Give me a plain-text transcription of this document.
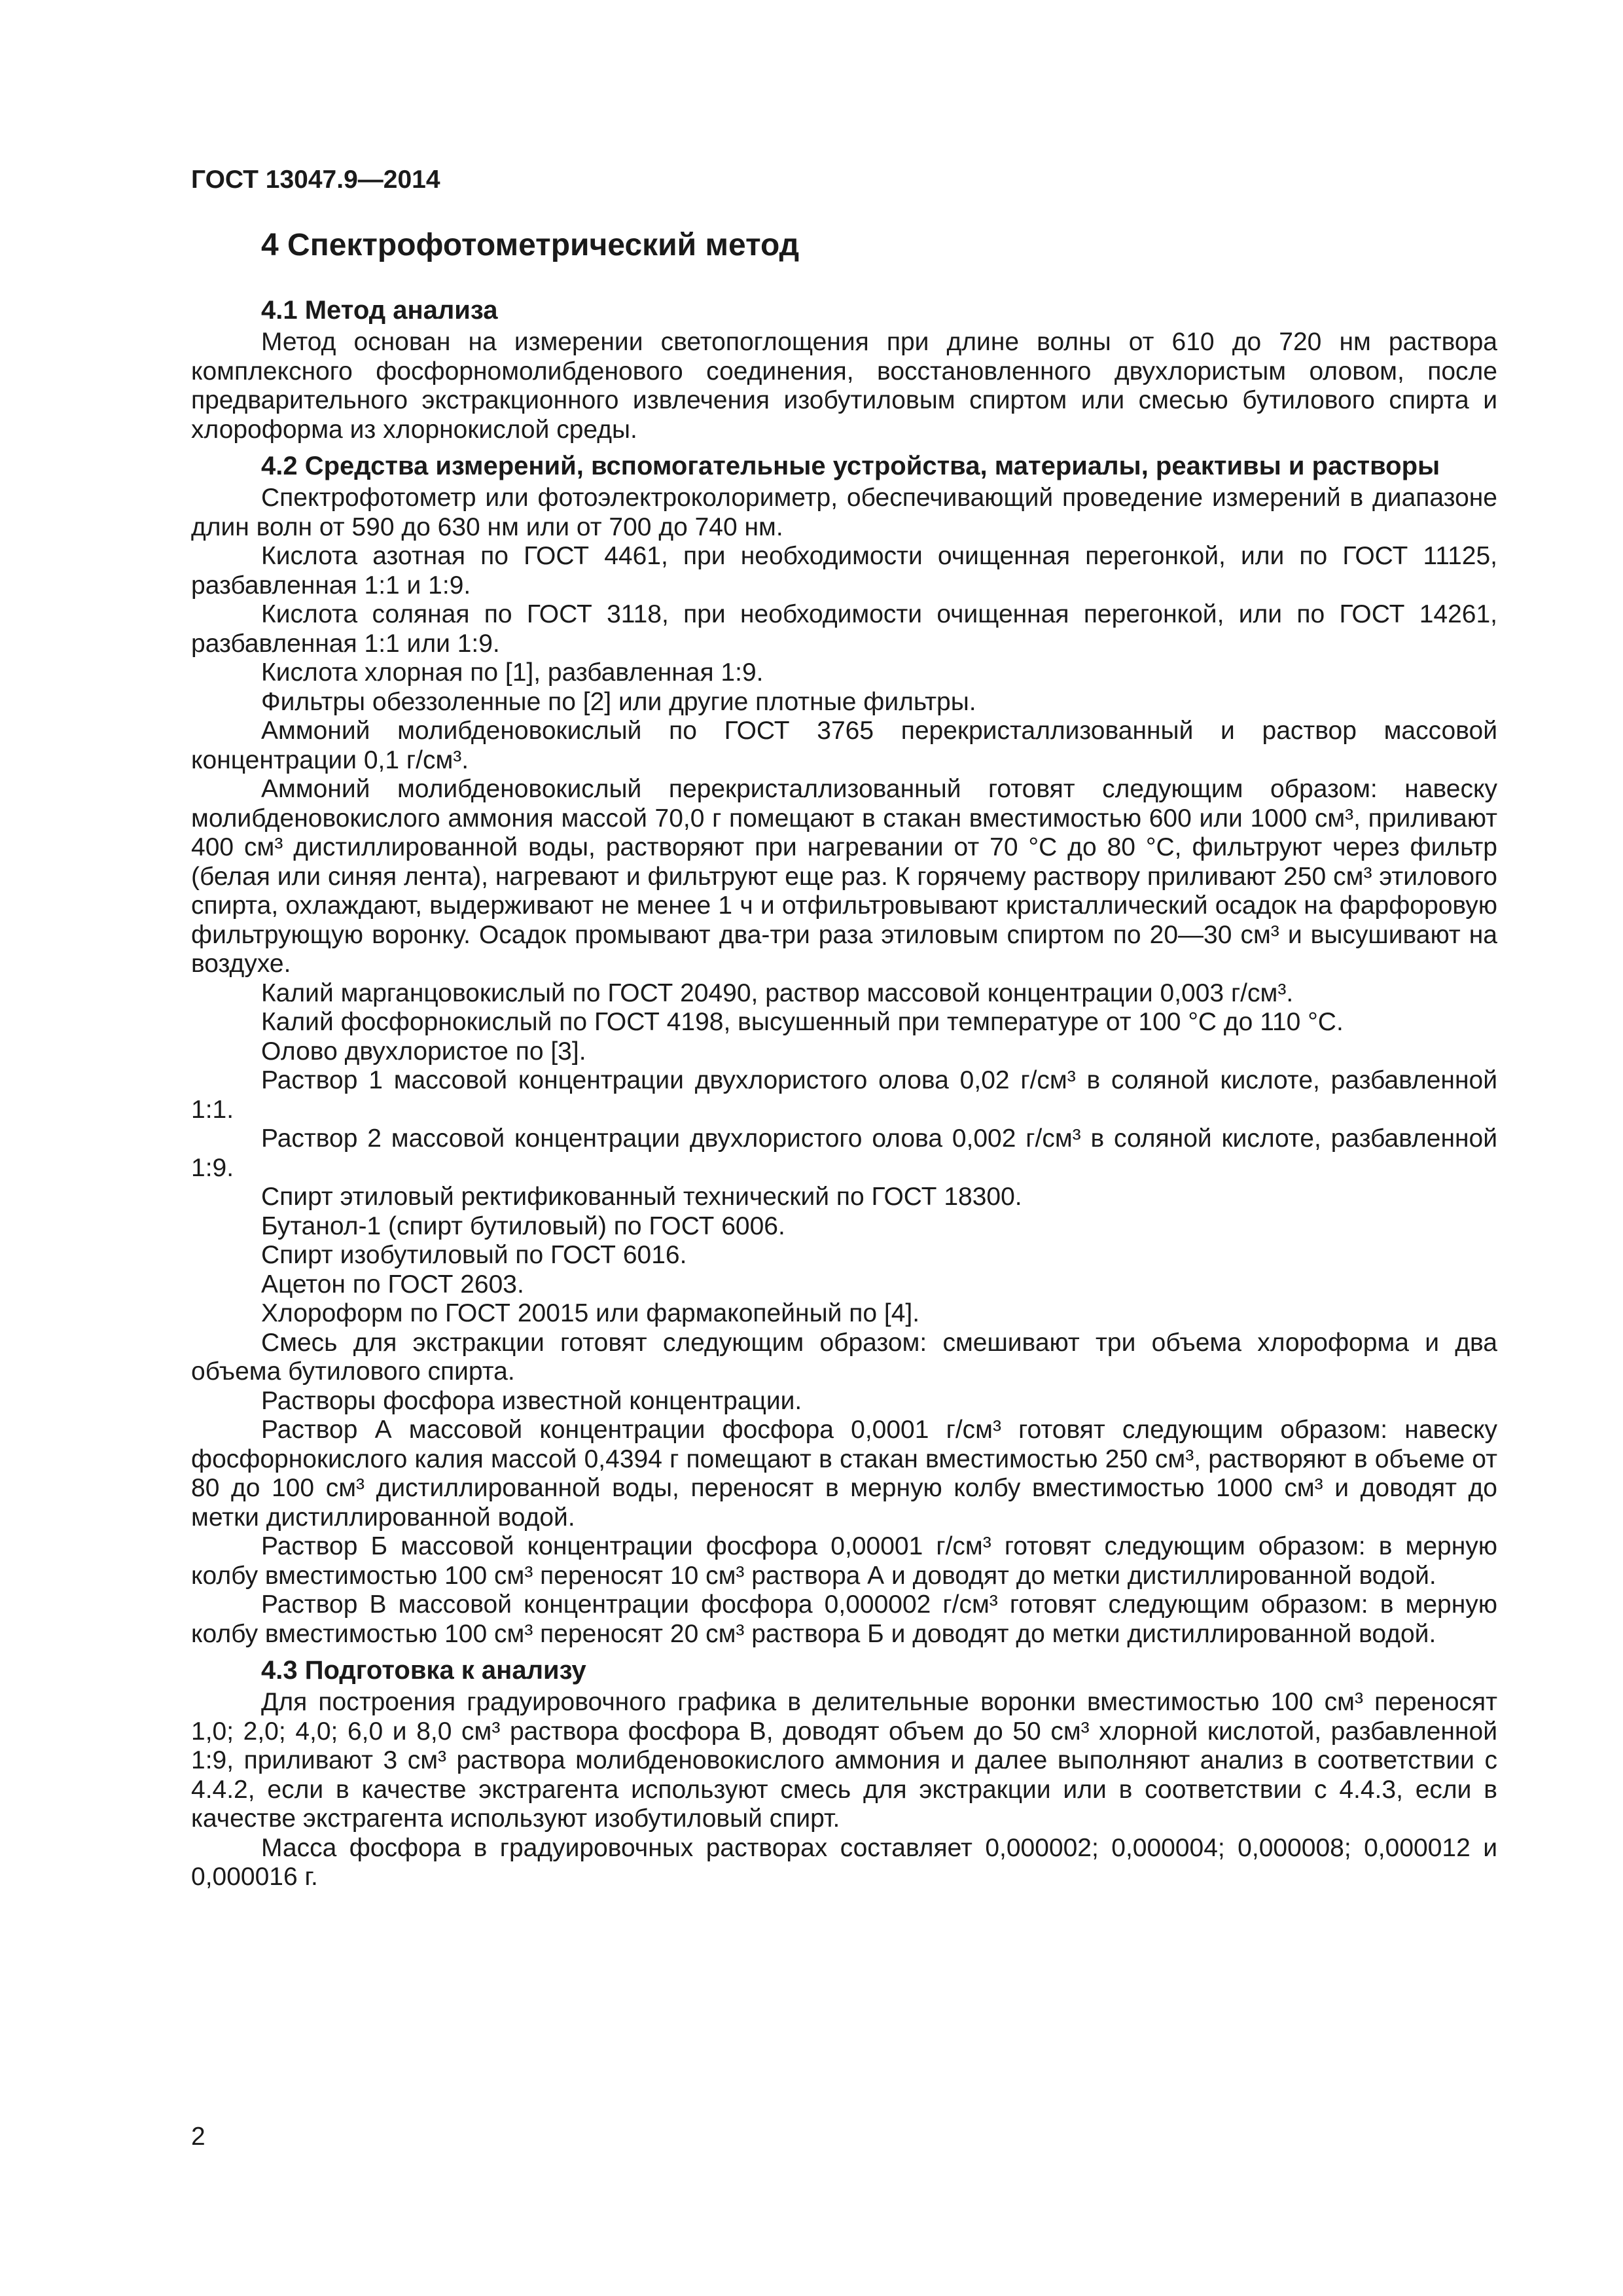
ГОСТ 13047.9—2014
4 Спектрофотометрический метод
4.1 Метод анализа

Метод основан на измерении светопоглощения при длине волны от 610 до 720 нм раствора комплексного фосфорномолибденового соединения, восстановленного двухлористым оловом, после предварительного экстракционного извлечения изобутиловым спиртом или смесью бутилового спирта и хлороформа из хлорнокислой среды.

4.2 Средства измерений, вспомогательные устройства, материалы, реактивы и растворы

Спектрофотометр или фотоэлектроколориметр, обеспечивающий проведение измерений в диапазоне длин волн от 590 до 630 нм или от 700 до 740 нм.

Кислота азотная по ГОСТ 4461, при необходимости очищенная перегонкой, или по ГОСТ 11125, разбавленная 1:1 и 1:9.

Кислота соляная по ГОСТ 3118, при необходимости очищенная перегонкой, или по ГОСТ 14261, разбавленная 1:1 или 1:9.

Кислота хлорная по [1], разбавленная 1:9.

Фильтры обеззоленные по [2] или другие плотные фильтры.

Аммоний молибденовокислый по ГОСТ 3765 перекристаллизованный и раствор массовой концентрации 0,1 г/см³.

Аммоний молибденовокислый перекристаллизованный готовят следующим образом: навеску молибденовокислого аммония массой 70,0 г помещают в стакан вместимостью 600 или 1000 см³, приливают 400 см³ дистиллированной воды, растворяют при нагревании от 70 °С до 80 °С, фильтруют через фильтр (белая или синяя лента), нагревают и фильтруют еще раз. К горячему раствору приливают 250 см³ этилового спирта, охлаждают, выдерживают не менее 1 ч и отфильтровывают кристаллический осадок на фарфоровую фильтрующую воронку. Осадок промывают два-три раза этиловым спиртом по 20—30 см³ и высушивают на воздухе.

Калий марганцовокислый по ГОСТ 20490, раствор массовой концентрации 0,003 г/см³.

Калий фосфорнокислый по ГОСТ 4198, высушенный при температуре от 100 °С до 110 °С.

Олово двухлористое по [3].

Раствор 1 массовой концентрации двухлористого олова 0,02 г/см³ в соляной кислоте, разбавленной 1:1.

Раствор 2 массовой концентрации двухлористого олова 0,002 г/см³ в соляной кислоте, разбавленной 1:9.

Спирт этиловый ректификованный технический по ГОСТ 18300.

Бутанол-1 (спирт бутиловый) по ГОСТ 6006.

Спирт изобутиловый по ГОСТ 6016.

Ацетон по ГОСТ 2603.

Хлороформ по ГОСТ 20015 или фармакопейный по [4].

Смесь для экстракции готовят следующим образом: смешивают три объема хлороформа и два объема бутилового спирта.

Растворы фосфора известной концентрации.

Раствор А массовой концентрации фосфора 0,0001 г/см³ готовят следующим образом: навеску фосфорнокислого калия массой 0,4394 г помещают в стакан вместимостью 250 см³, растворяют в объеме от 80 до 100 см³ дистиллированной воды, переносят в мерную колбу вместимостью 1000 см³ и доводят до метки дистиллированной водой.

Раствор Б массовой концентрации фосфора 0,00001 г/см³ готовят следующим образом: в мерную колбу вместимостью 100 см³ переносят 10 см³ раствора А и доводят до метки дистиллированной водой.

Раствор В массовой концентрации фосфора 0,000002 г/см³ готовят следующим образом: в мерную колбу вместимостью 100 см³ переносят 20 см³ раствора Б и доводят до метки дистиллированной водой.

4.3 Подготовка к анализу

Для построения градуировочного графика в делительные воронки вместимостью 100 см³ переносят 1,0; 2,0; 4,0; 6,0 и 8,0 см³ раствора фосфора В, доводят объем до 50 см³ хлорной кислотой, разбавленной 1:9, приливают 3 см³ раствора молибденовокислого аммония и далее выполняют анализ в соответствии с 4.4.2, если в качестве экстрагента используют смесь для экстракции или в соответствии с 4.4.3, если в качестве экстрагента используют изобутиловый спирт.

Масса фосфора в градуировочных растворах составляет 0,000002; 0,000004; 0,000008; 0,000012 и 0,000016 г.

2
